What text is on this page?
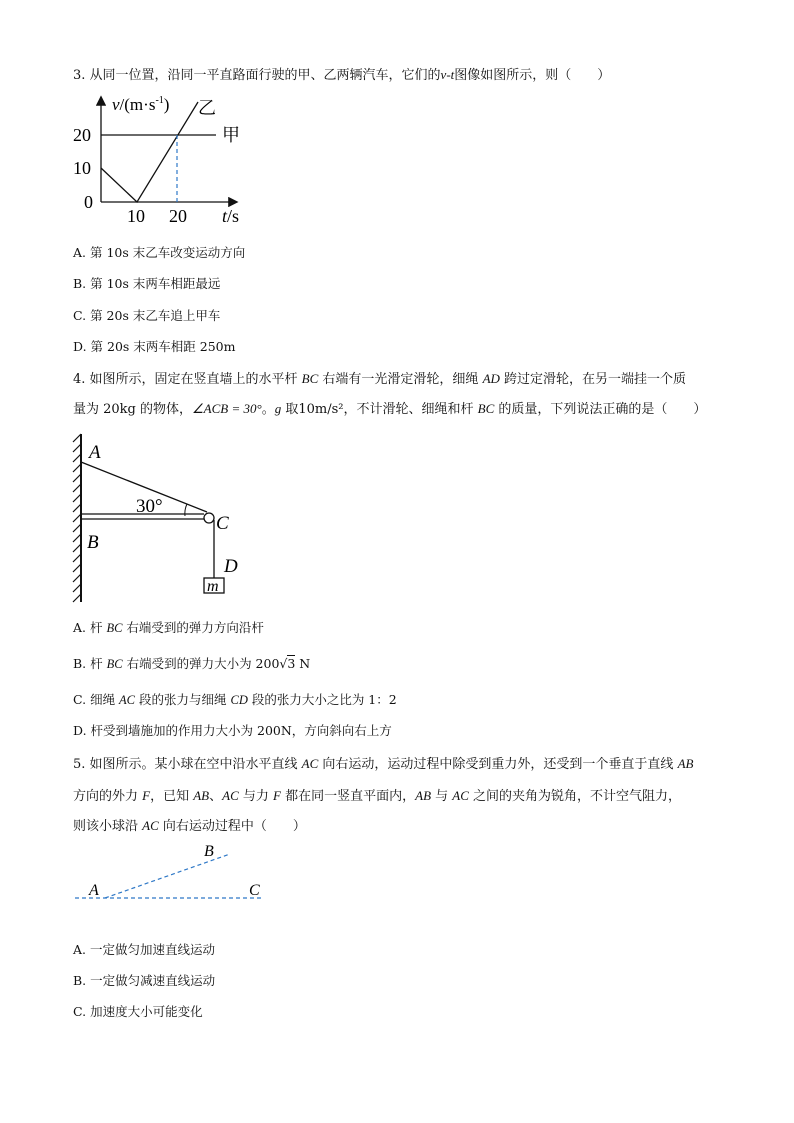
3. 从同一位置，沿同一平直路面行驶的甲、乙两辆汽车，它们的v-t图像如图所示，则（　　）
$v/(m\cdot s^{-1})$ 乙
甲
20
10
0
10 20 t/s
A. 第 10s 末乙车改变运动方向
B. 第 10s 末两车相距最远
C. 第 20s 末乙车追上甲车
D. 第 20s 末两车相距 250m
4. 如图所示，固定在竖直墙上的水平杆 BC 右端有一光滑定滑轮，细绳 AD 跨过定滑轮，在另一端挂一个质
量为 20kg 的物体，∠ACB = 30°。g 取10m/s²，不计滑轮、细绳和杆 BC 的质量，下列说法正确的是（　　）
A
B
C
D
m
30°
A. 杆 BC 右端受到的弹力方向沿杆
B. 杆 BC 右端受到的弹力大小为 200√3 N
C. 细绳 AC 段的张力与细绳 CD 段的张力大小之比为 1：2
D. 杆受到墙施加的作用力大小为 200N，方向斜向右上方
5. 如图所示。某小球在空中沿水平直线 AC 向右运动，运动过程中除受到重力外，还受到一个垂直于直线 AB
方向的外力 F，已知 AB、AC 与力 F 都在同一竖直平面内，AB 与 AC 之间的夹角为锐角，不计空气阻力，
则该小球沿 AC 向右运动过程中（　　）
A
B
C
A. 一定做匀加速直线运动
B. 一定做匀减速直线运动
C. 加速度大小可能变化
